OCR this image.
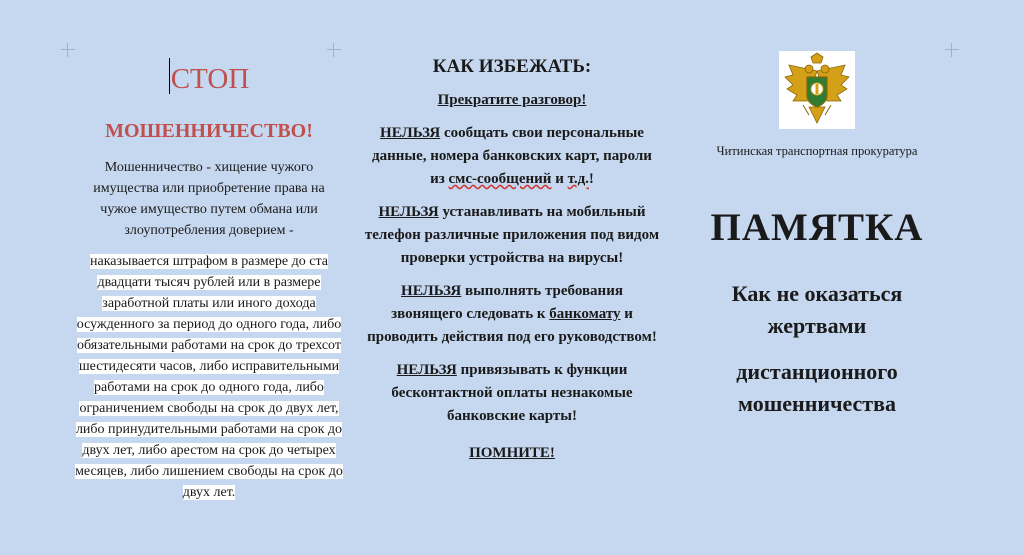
СТОП
МОШЕННИЧЕСТВО!
Мошенничество - хищение чужого имущества или приобретение права на чужое имущество путем обмана или злоупотребления доверием -
наказывается штрафом в размере до ста двадцати тысяч рублей или в размере заработной платы или иного дохода осужденного за период до одного года, либо обязательными работами на срок до трехсот шестидесяти часов, либо исправительными работами на срок до одного года, либо ограничением свободы на срок до двух лет, либо принудительными работами на срок до двух лет, либо арестом на срок до четырех месяцев, либо лишением свободы на срок до двух лет.
КАК ИЗБЕЖАТЬ:
Прекратите разговор!
НЕЛЬЗЯ сообщать свои персональные данные, номера банковских карт, пароли из смс-сообщений и т.д.!
НЕЛЬЗЯ устанавливать на мобильный телефон различные приложения под видом проверки устройства на вирусы!
НЕЛЬЗЯ выполнять требования звонящего следовать к банкомату и проводить действия под его руководством!
НЕЛЬЗЯ привязывать к функции бесконтактной оплаты незнакомые банковские карты!
ПОМНИТЕ!
Читинская транспортная прокуратура
ПАМЯТКА
Как не оказаться жертвами
дистанционного мошенничества
